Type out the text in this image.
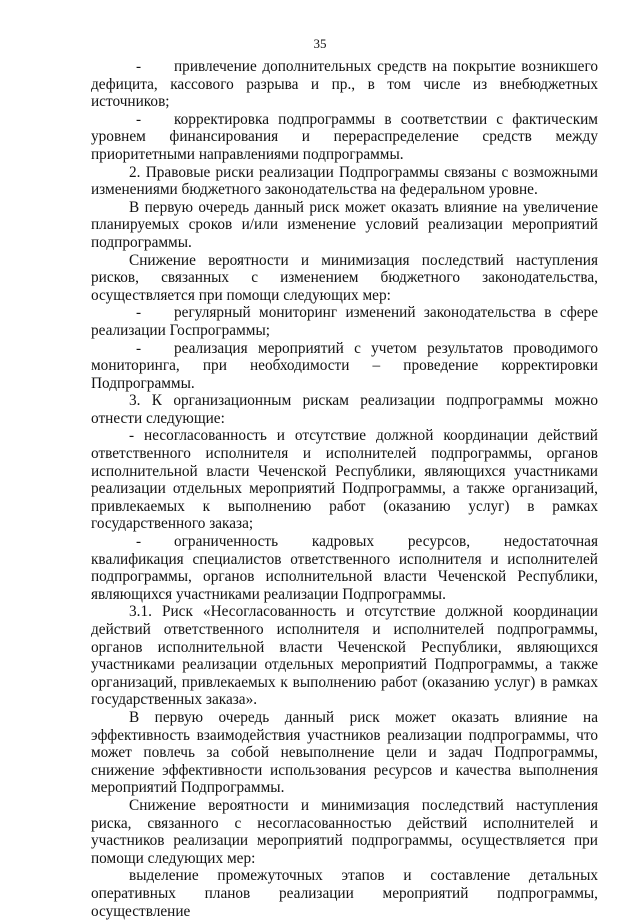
35

- привлечение дополнительных средств на покрытие возникшего дефицита, кассового разрыва и пр., в том числе из внебюджетных источников;

- корректировка подпрограммы в соответствии с фактическим уровнем финансирования и перераспределение средств между приоритетными направлениями подпрограммы.

2. Правовые риски реализации Подпрограммы связаны с возможными изменениями бюджетного законодательства на федеральном уровне.

В первую очередь данный риск может оказать влияние на увеличение планируемых сроков и/или изменение условий реализации мероприятий подпрограммы.

Снижение вероятности и минимизация последствий наступления рисков, связанных с изменением бюджетного законодательства, осуществляется при помощи следующих мер:

- регулярный мониторинг изменений законодательства в сфере реализации Госпрограммы;

- реализация мероприятий с учетом результатов проводимого мониторинга, при необходимости – проведение корректировки Подпрограммы.

3. К организационным рискам реализации подпрограммы можно отнести следующие:

- несогласованность и отсутствие должной координации действий ответственного исполнителя и исполнителей подпрограммы, органов исполнительной власти Чеченской Республики, являющихся участниками реализации отдельных мероприятий Подпрограммы, а также организаций, привлекаемых к выполнению работ (оказанию услуг) в рамках государственного заказа;

- ограниченность кадровых ресурсов, недостаточная квалификация специалистов ответственного исполнителя и исполнителей подпрограммы, органов исполнительной власти Чеченской Республики, являющихся участниками реализации Подпрограммы.

3.1. Риск «Несогласованность и отсутствие должной координации действий ответственного исполнителя и исполнителей подпрограммы, органов исполнительной власти Чеченской Республики, являющихся участниками реализации отдельных мероприятий Подпрограммы, а также организаций, привлекаемых к выполнению работ (оказанию услуг) в рамках государственных заказа».

В первую очередь данный риск может оказать влияние на эффективность взаимодействия участников реализации подпрограммы, что может повлечь за собой невыполнение цели и задач Подпрограммы, снижение эффективности использования ресурсов и качества выполнения мероприятий Подпрограммы.

Снижение вероятности и минимизация последствий наступления риска, связанного с несогласованностью действий исполнителей и участников реализации мероприятий подпрограммы, осуществляется при помощи следующих мер:

выделение промежуточных этапов и составление детальных оперативных планов реализации мероприятий подпрограммы, осуществление
